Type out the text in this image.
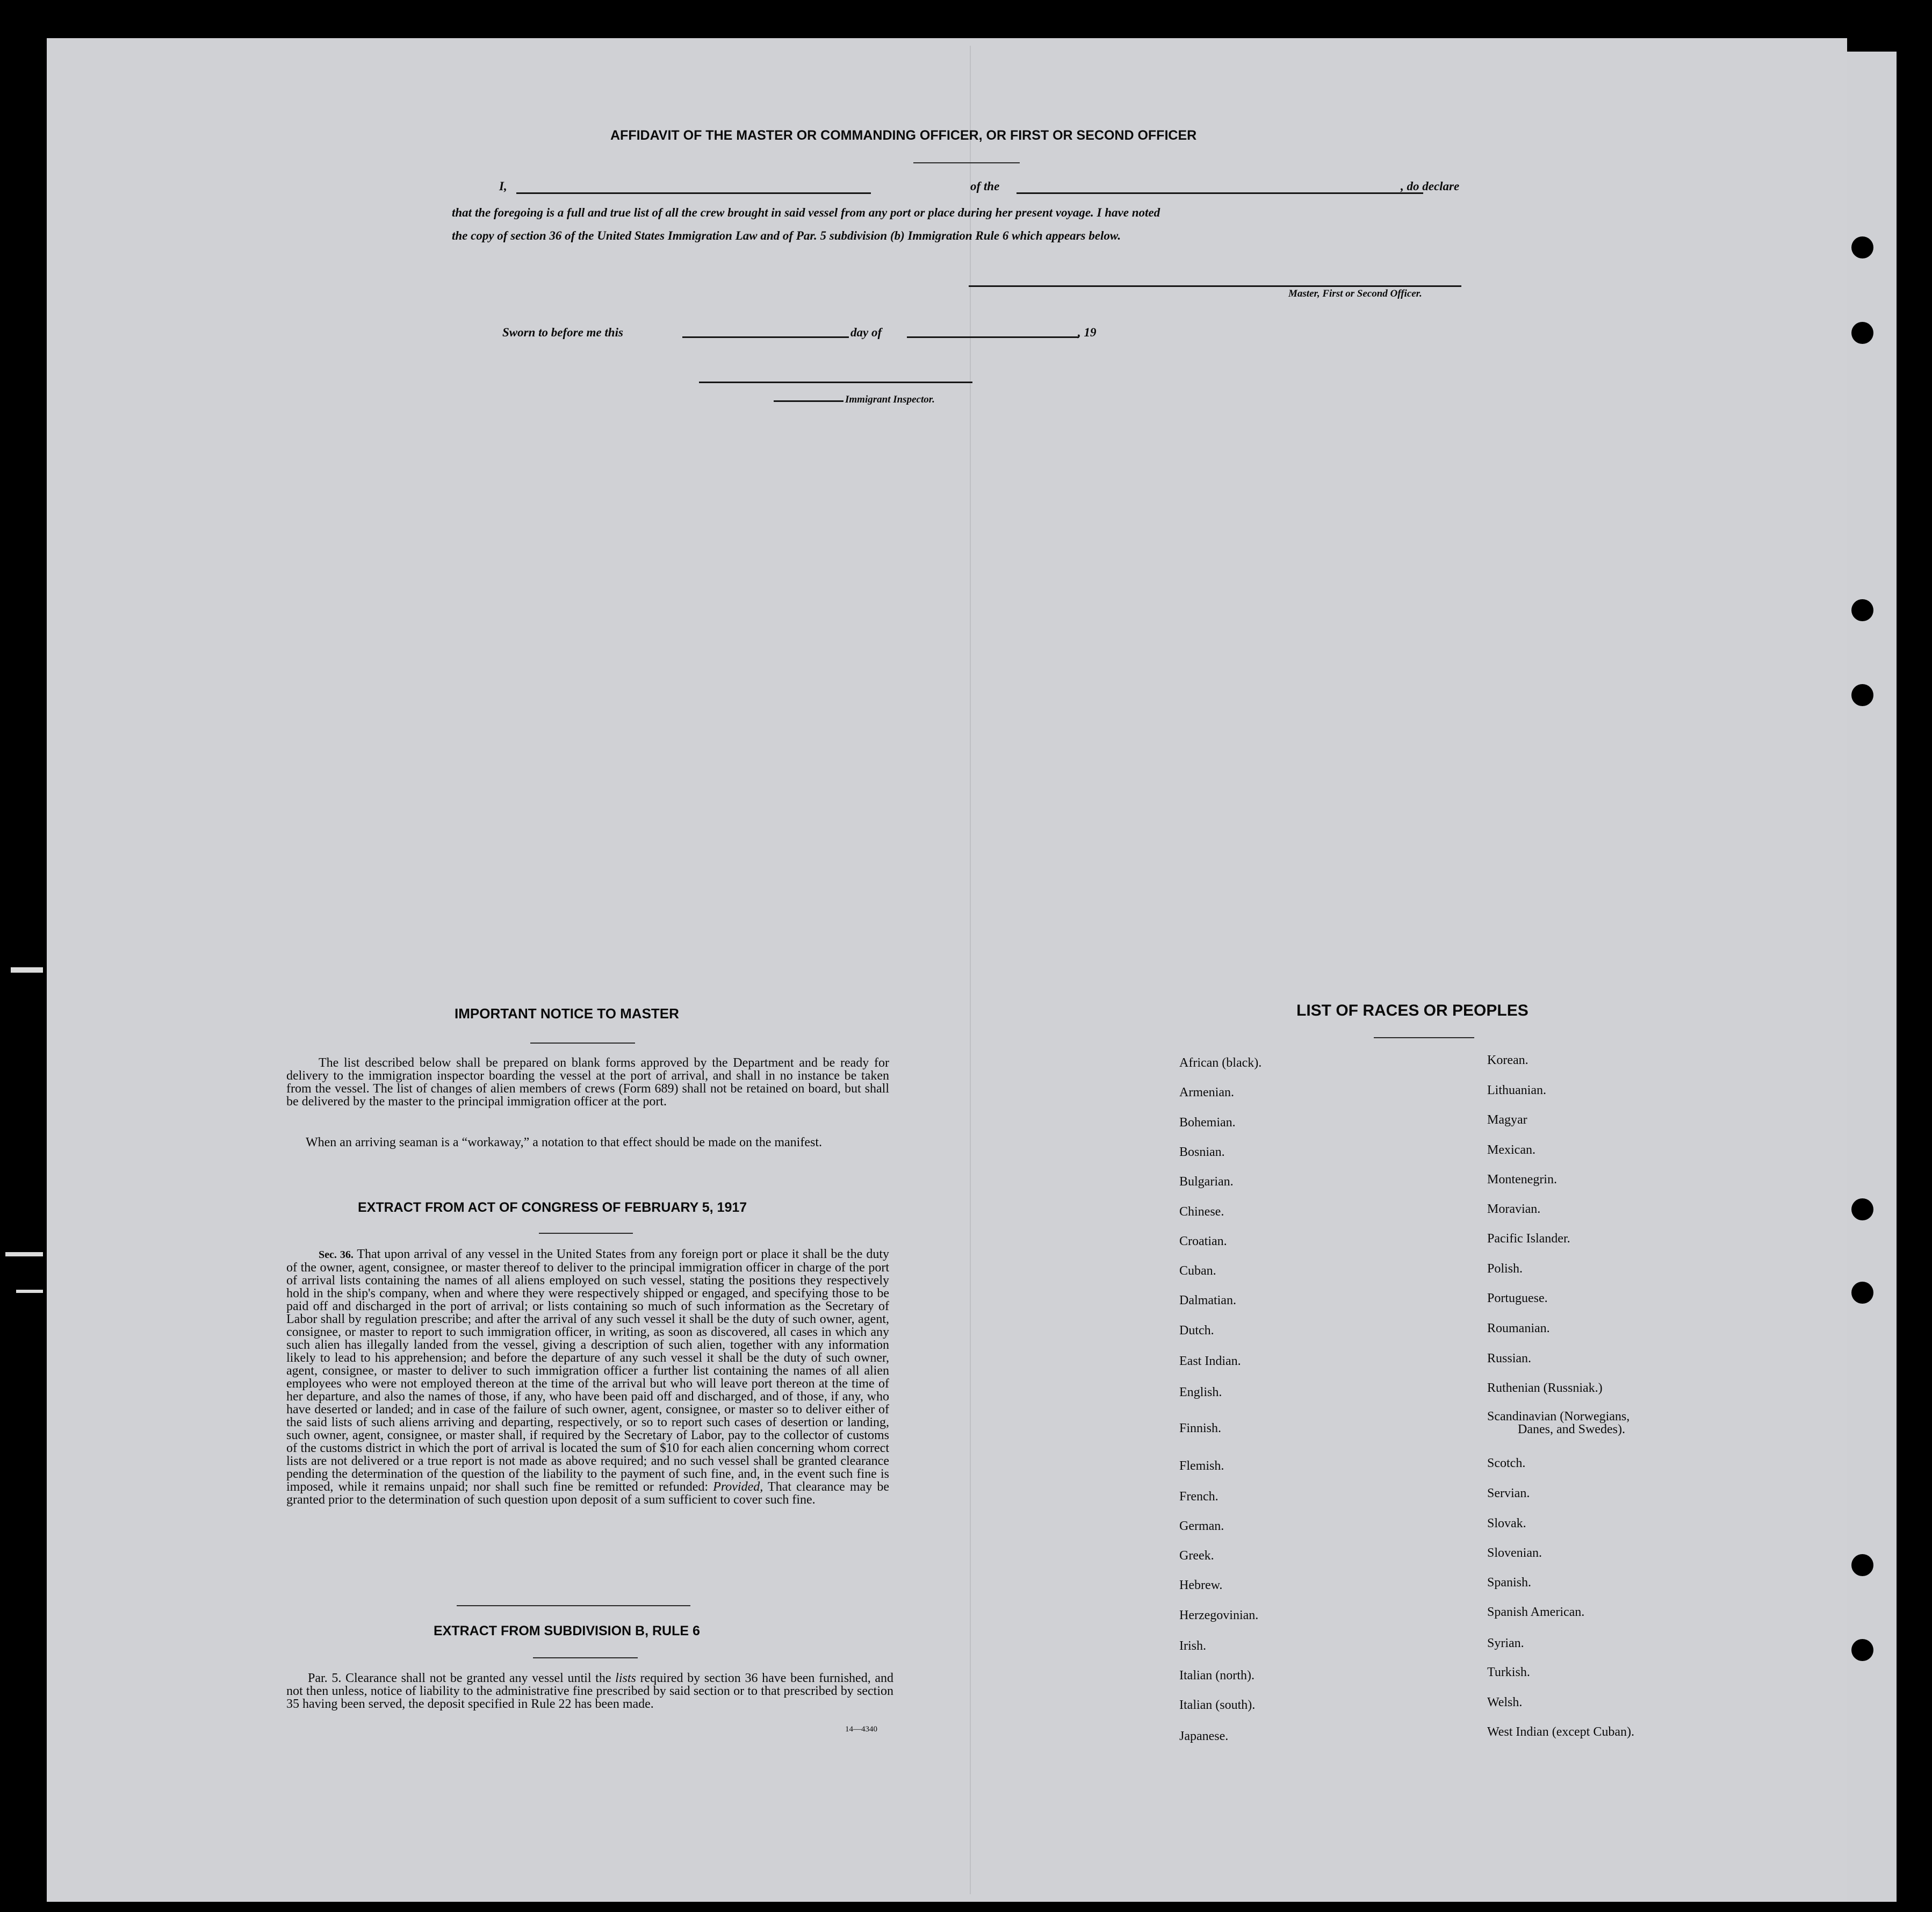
AFFIDAVIT OF THE MASTER OR COMMANDING OFFICER, OR FIRST OR SECOND OFFICER
I,	of the	, do declare
that the foregoing is a full and true list of all the crew brought in said vessel from any port or place during her present voyage. I have noted
the copy of section 36 of the United States Immigration Law and of Par. 5 subdivision (b) Immigration Rule 6 which appears below.
Master, First or Second Officer.
Sworn to before me this	day of	, 19
Immigrant Inspector.
IMPORTANT NOTICE TO MASTER

The list described below shall be prepared on blank forms approved by the Department and be ready for delivery to the immigration inspector boarding the vessel at the port of arrival, and shall in no instance be taken from the vessel. The list of changes of alien members of crews (Form 689) shall not be retained on board, but shall be delivered by the master to the principal immigration officer at the port.

When an arriving seaman is a “workaway,” a notation to that effect should be made on the manifest.

EXTRACT FROM ACT OF CONGRESS OF FEBRUARY 5, 1917

Sec. 36. That upon arrival of any vessel in the United States from any foreign port or place it shall be the duty of the owner, agent, consignee, or master thereof to deliver to the principal immigration officer in charge of the port of arrival lists containing the names of all aliens employed on such vessel, stating the positions they respectively hold in the ship's company, when and where they were respectively shipped or engaged, and specifying those to be paid off and discharged in the port of arrival; or lists containing so much of such information as the Secretary of Labor shall by regulation prescribe; and after the arrival of any such vessel it shall be the duty of such owner, agent, consignee, or master to report to such immigration officer, in writing, as soon as discovered, all cases in which any such alien has illegally landed from the vessel, giving a description of such alien, together with any information likely to lead to his apprehension; and before the departure of any such vessel it shall be the duty of such owner, agent, consignee, or master to deliver to such immigration officer a further list containing the names of all alien employees who were not employed thereon at the time of the arrival but who will leave port thereon at the time of her departure, and also the names of those, if any, who have been paid off and discharged, and of those, if any, who have deserted or landed; and in case of the failure of such owner, agent, consignee, or master so to deliver either of the said lists of such aliens arriving and departing, respectively, or so to report such cases of desertion or landing, such owner, agent, consignee, or master shall, if required by the Secretary of Labor, pay to the collector of customs of the customs district in which the port of arrival is located the sum of $10 for each alien concerning whom correct lists are not delivered or a true report is not made as above required; and no such vessel shall be granted clearance pending the determination of the question of the liability to the payment of such fine, and, in the event such fine is imposed, while it remains unpaid; nor shall such fine be remitted or refunded: Provided, That clearance may be granted prior to the determination of such question upon deposit of a sum sufficient to cover such fine.

EXTRACT FROM SUBDIVISION B, RULE 6

Par. 5. Clearance shall not be granted any vessel until the lists required by section 36 have been furnished, and not then unless, notice of liability to the administrative fine prescribed by said section or to that prescribed by section 35 having been served, the deposit specified in Rule 22 has been made.

14—4340
LIST OF RACES OR PEOPLES
African (black).
Armenian.
Bohemian.
Bosnian.
Bulgarian.
Chinese.
Croatian.
Cuban.
Dalmatian.
Dutch.
East Indian.
English.
Finnish.
Flemish.
French.
German.
Greek.
Hebrew.
Herzegovinian.
Irish.
Italian (north).
Italian (south).
Japanese.
Korean.
Lithuanian.
Magyar
Mexican.
Montenegrin.
Moravian.
Pacific Islander.
Polish.
Portuguese.
Roumanian.
Russian.
Ruthenian (Russniak.)
Scandinavian (Norwegians,
Danes, and Swedes).
Scotch.
Servian.
Slovak.
Slovenian.
Spanish.
Spanish American.
Syrian.
Turkish.
Welsh.
West Indian (except Cuban).
